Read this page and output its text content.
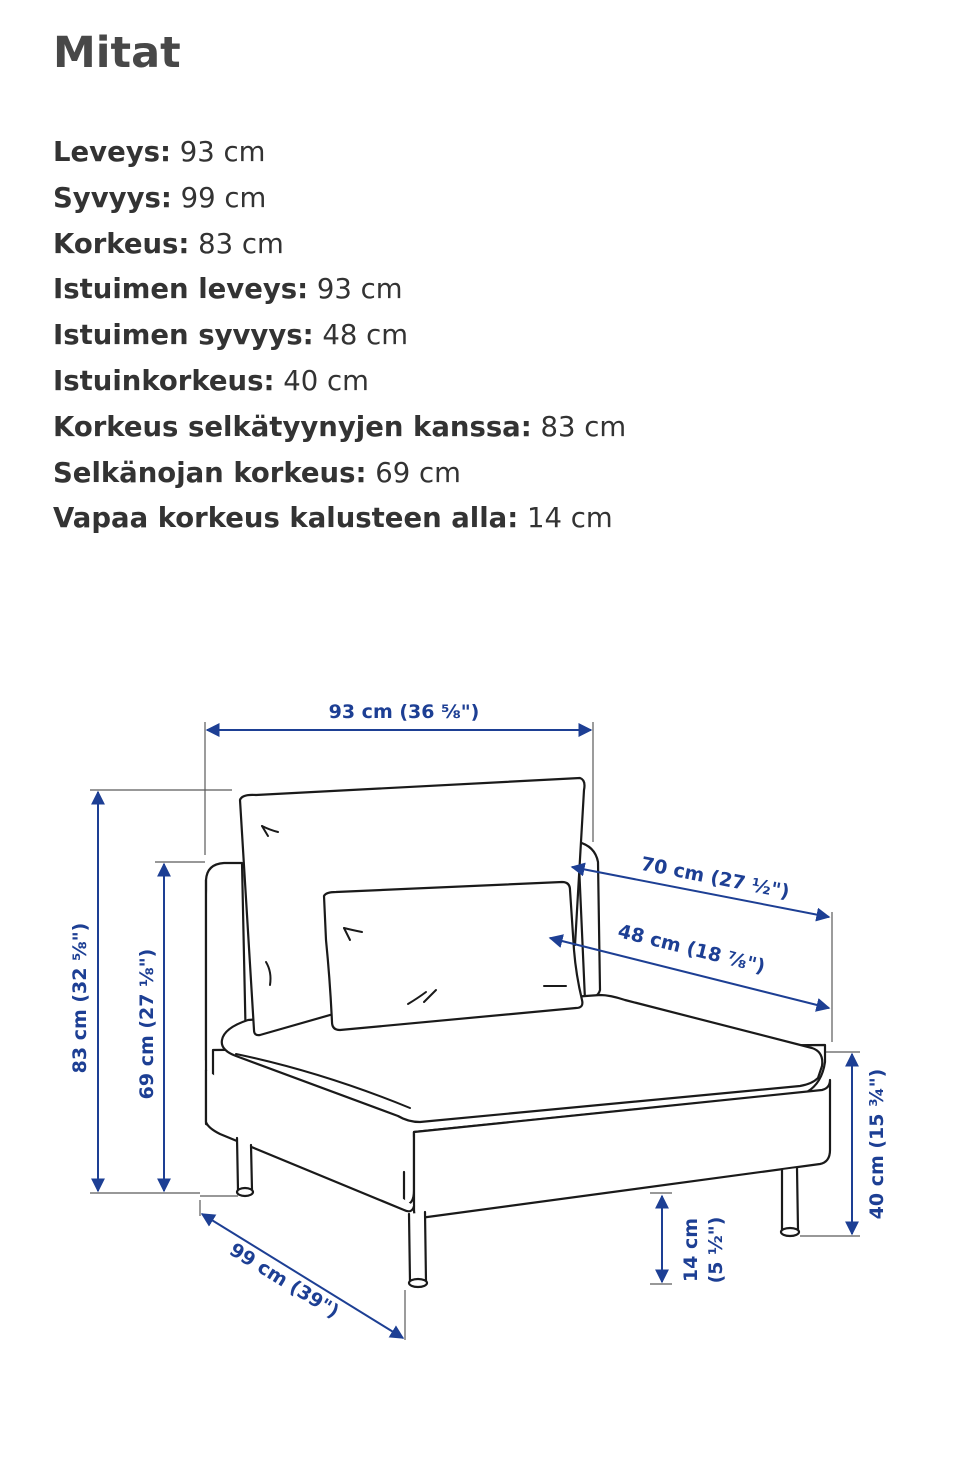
Mitat
Leveys: 93 cm
Syvyys: 99 cm
Korkeus: 83 cm
Istuimen leveys: 93 cm
Istuimen syvyys: 48 cm
Istuinkorkeus: 40 cm
Korkeus selkätyynyjen kanssa: 83 cm
Selkänojan korkeus: 69 cm
Vapaa korkeus kalusteen alla: 14 cm
93 cm (36 ⅝")
83 cm (32 ⅝") 69 cm (27 ⅛")
99 cm (39")
70 cm (27 ½")
48 cm (18 ⅞")
40 cm (15 ¾")
14 cm (5 ½")
